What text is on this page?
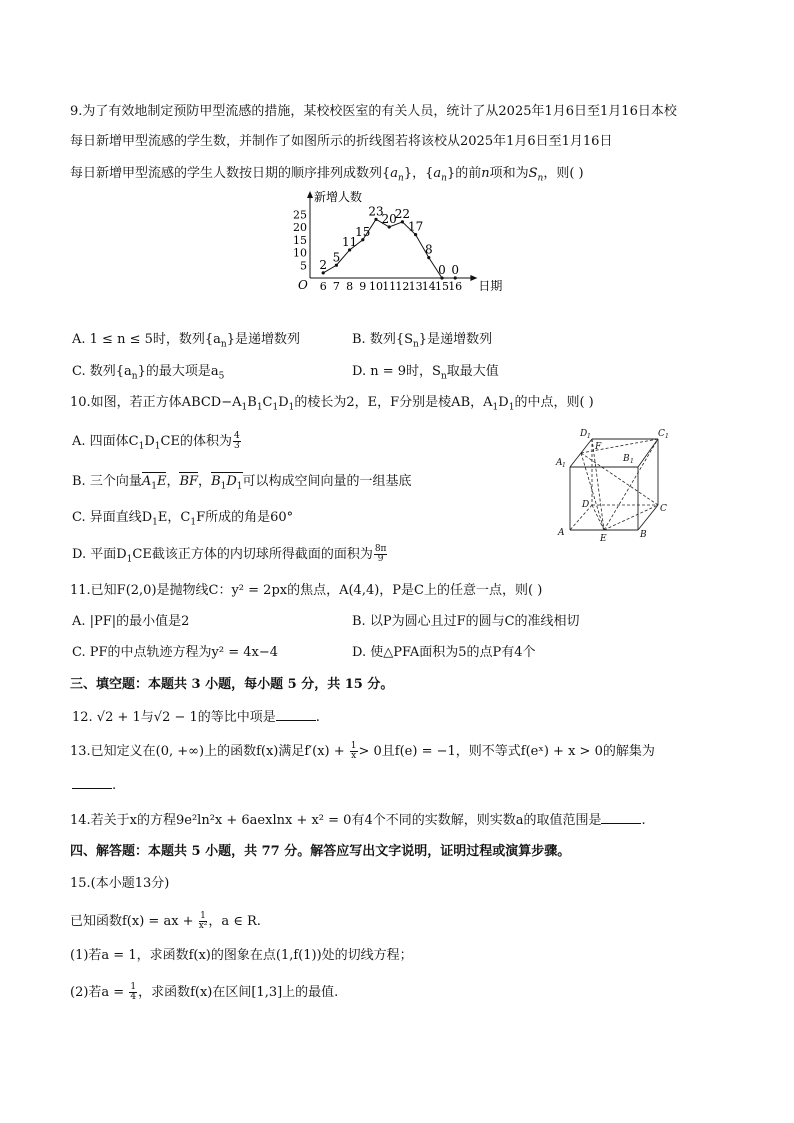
9.为了有效地制定预防甲型流感的措施，某校校医室的有关人员，统计了从2025年1月6日至1月16日本校
每日新增甲型流感的学生数，并制作了如图所示的折线图若将该校从2025年1月6日至1月16日
每日新增甲型流感的学生人数按日期的顺序排列成数列$\{a_n\}$，$\{a_n\}$的前n项和为$S_n$，则( )
新增人数
日期
O
5
10
15
20
25
6 7 8 9 10 11 12 13 14 15 16
2
5
11
15
23
20
22
17
8
0 0
A. 1 ≤ n ≤ 5时，数列$\{a_n\}$是递增数列	B. 数列$\{S_n\}$是递增数列
C. 数列$\{a_n\}$的最大项是$a_5$	D. n = 9时，$S_n$取最大值
10.如图，若正方体$ABCD-A_1B_1C_1D_1$的棱长为2，E，F分别是棱AB，$A_1D_1$的中点，则( )
A. 四面体$C_1D_1CE$的体积为 $\frac{4}{3}$
B. 三个向量$A_1E$，BF，$B_1D_1$可以构成空间向量的一组基底
C. 异面直线$D_1E$，$C_1F$所成的角是60°
D. 平面$D_1CE$截该正方体的内切球所得截面的面积为 $\frac{8\pi}{9}$
D 1	C 1
A 1
B 1
F
D	C
A
E	B
11.已知F(2,0)是抛物线C：y² = 2px的焦点，A(4,4)，P是C上的任意一点，则( )
A. |PF|的最小值是2	B. 以P为圆心且过F的圆与C的准线相切
C. PF的中点轨迹方程为y² = 4x−4	D. 使△PFA面积为5的点P有4个
三、填空题：本题共 3 小题，每小题 5 分，共 15 分。
12. √2 + 1与√2 − 1的等比中项是	.
13.已知定义在(0, +∞)上的函数f(x)满足$f'(x) + \frac{1}{x} > 0$且f(e) = −1，则不等式f(eˣ) + x > 0的解集为
.
14.若关于x的方程9e²ln²x + 6aexlnx + x² = 0有4个不同的实数解，则实数a的取值范围是	.
四、解答题：本题共 5 小题，共 77 分。解答应写出文字说明，证明过程或演算步骤。
15.(本小题13分)
已知函数f(x) = ax + $\frac{1}{\text{x²}}$ ，a ∈ R.
(1)若a = 1，求函数f(x)的图象在点(1,f(1))处的切线方程；
(2)若$a = \frac{1}{4}$ ，求函数f(x)在区间[1,3]上的最值.
